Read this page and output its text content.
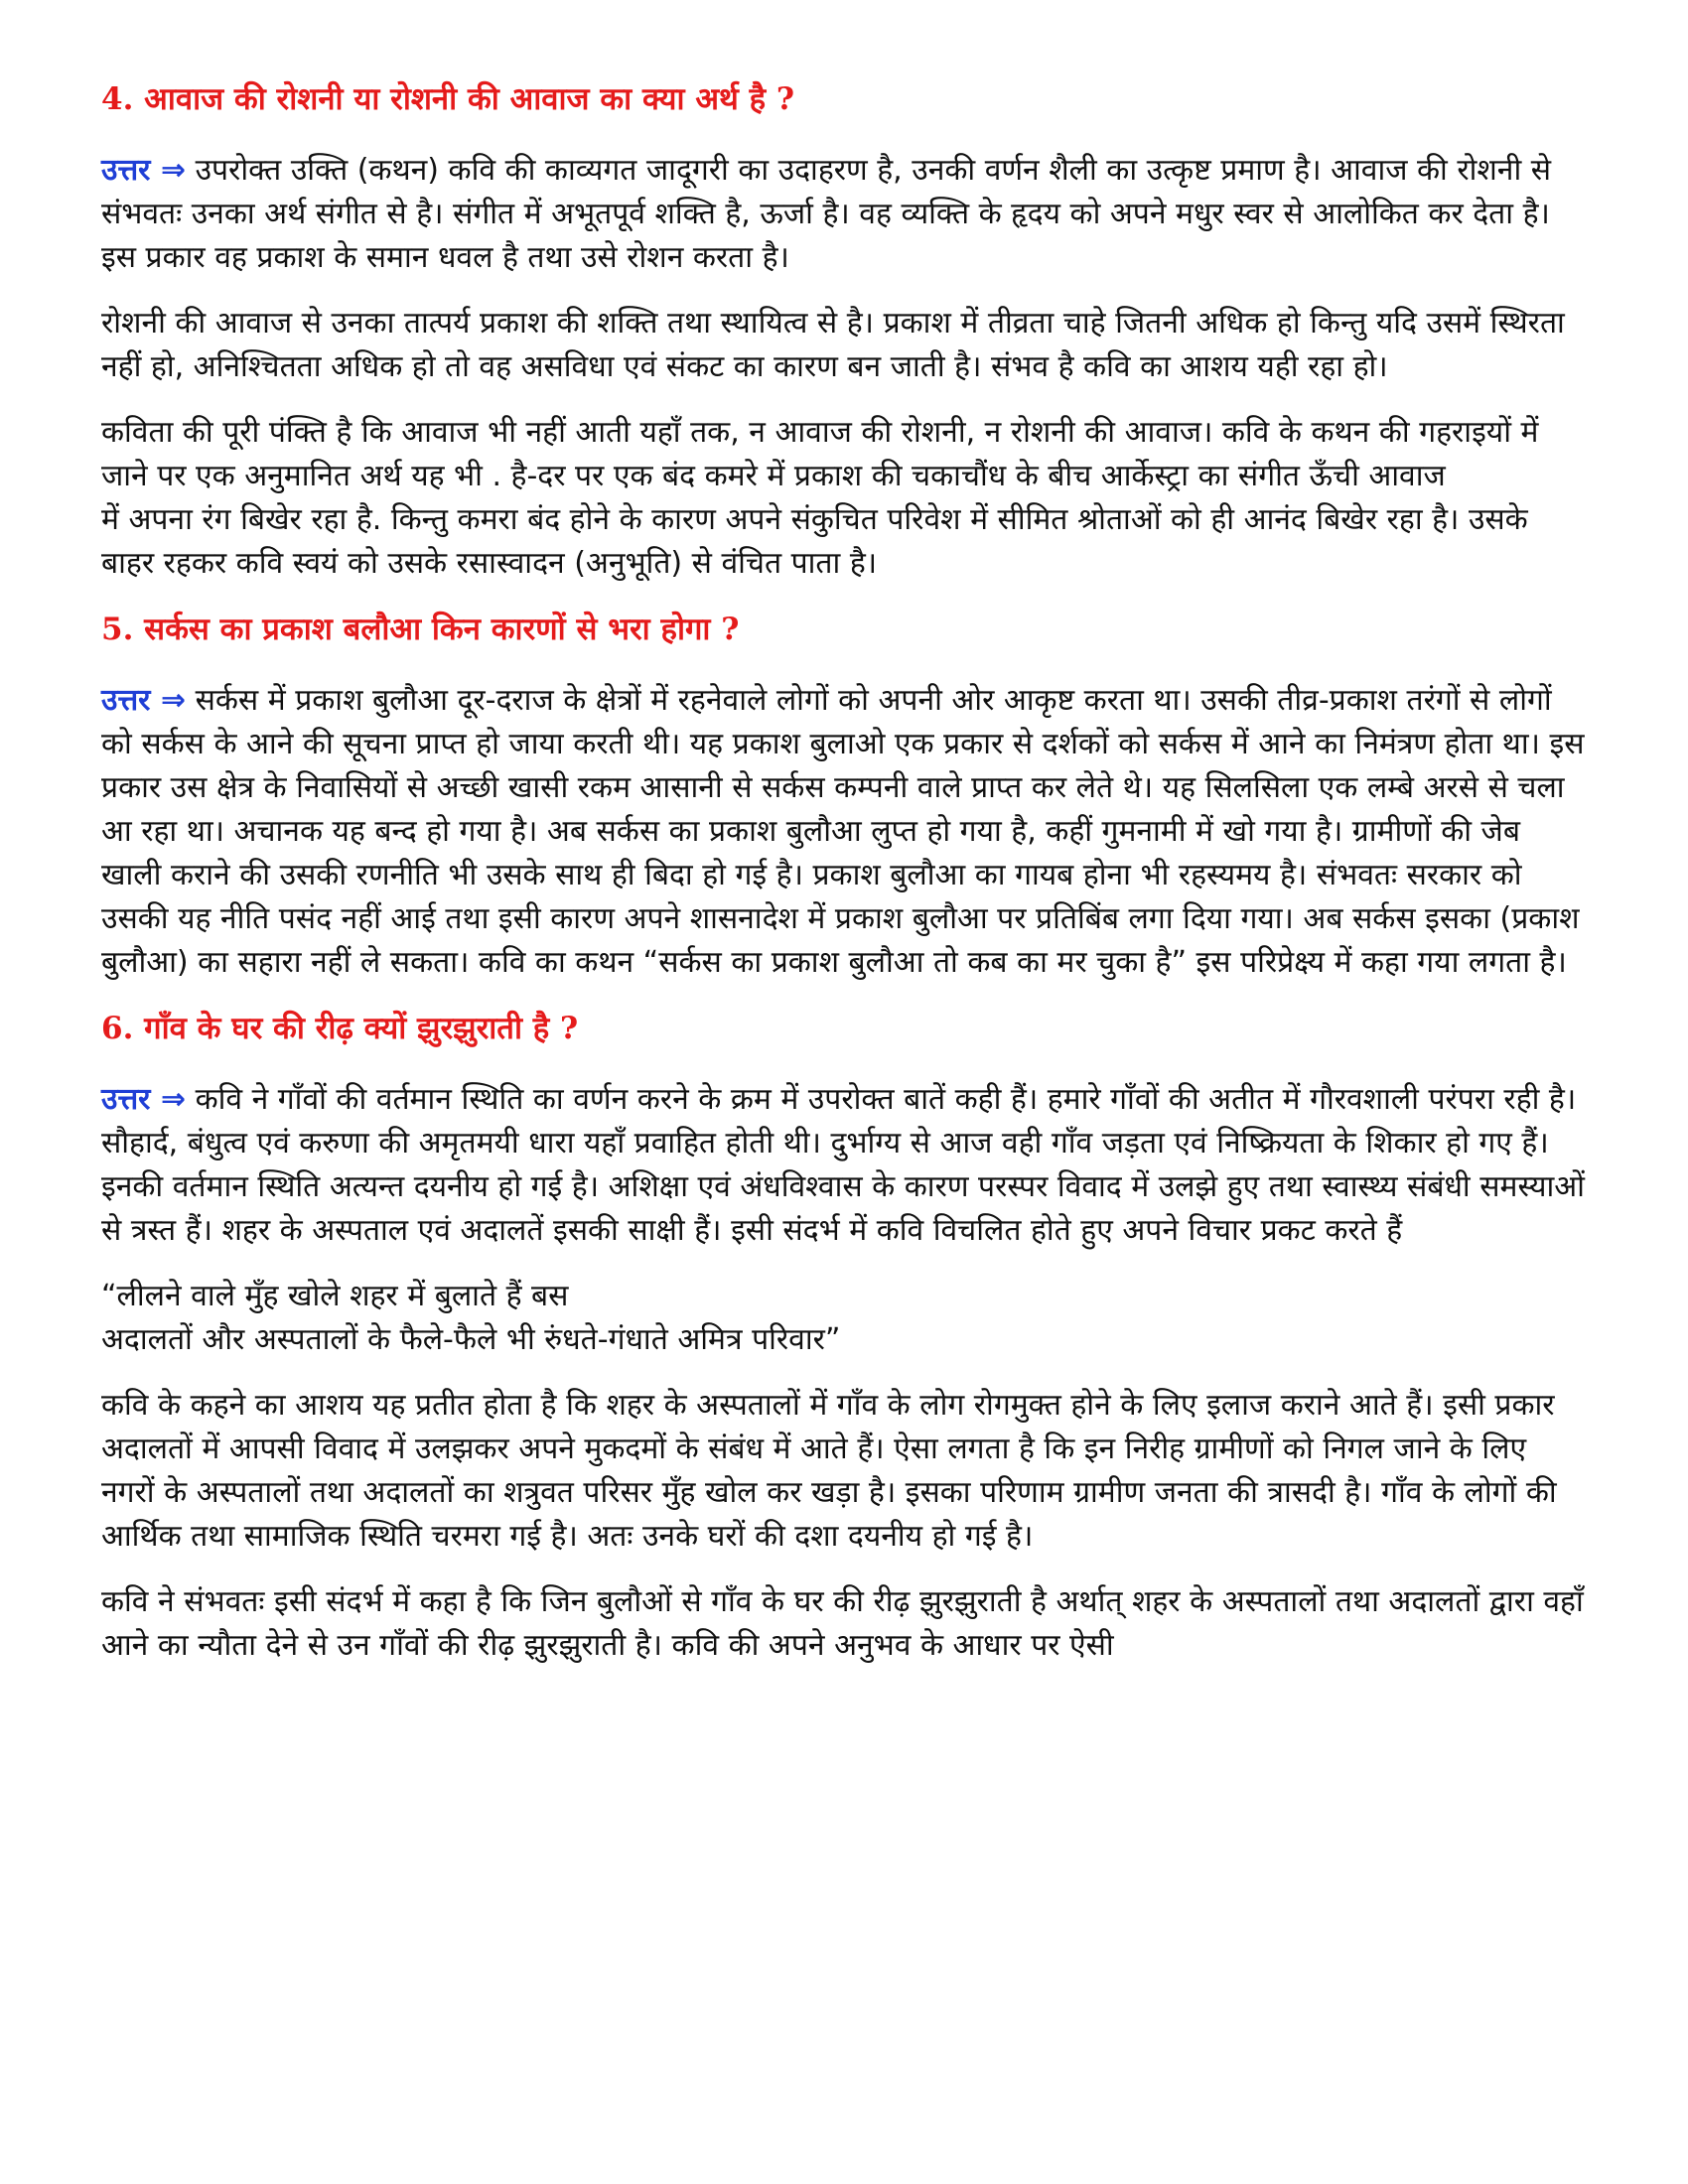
4. आवाज की रोशनी या रोशनी की आवाज का क्या अर्थ है ?

उत्तर ⇒ उपरोक्त उक्ति (कथन) कवि की काव्यगत जादूगरी का उदाहरण है, उनकी वर्णन शैली का उत्कृष्ट प्रमाण है। आवाज की रोशनी से संभवतः उनका अर्थ संगीत से है। संगीत में अभूतपूर्व शक्ति है, ऊर्जा है। वह व्यक्ति के हृदय को अपने मधुर स्वर से आलोकित कर देता है। इस प्रकार वह प्रकाश के समान धवल है तथा उसे रोशन करता है।

रोशनी की आवाज से उनका तात्पर्य प्रकाश की शक्ति तथा स्थायित्व से है। प्रकाश में तीव्रता चाहे जितनी अधिक हो किन्तु यदि उसमें स्थिरता नहीं हो, अनिश्चितता अधिक हो तो वह असविधा एवं संकट का कारण बन जाती है। संभव है कवि का आशय यही रहा हो।

कविता की पूरी पंक्ति है कि आवाज भी नहीं आती यहाँ तक, न आवाज की रोशनी, न रोशनी की आवाज। कवि के कथन की गहराइयों में जाने पर एक अनुमानित अर्थ यह भी . है-दर पर एक बंद कमरे में प्रकाश की चकाचौंध के बीच आर्केस्ट्रा का संगीत ऊँची आवाज
में अपना रंग बिखेर रहा है. किन्तु कमरा बंद होने के कारण अपने संकुचित परिवेश में सीमित श्रोताओं को ही आनंद बिखेर रहा है। उसके बाहर रहकर कवि स्वयं को उसके रसास्वादन (अनुभूति) से वंचित पाता है।
5. सर्कस का प्रकाश बलौआ किन कारणों से भरा होगा ?

उत्तर ⇒ सर्कस में प्रकाश बुलौआ दूर-दराज के क्षेत्रों में रहनेवाले लोगों को अपनी ओर आकृष्ट करता था। उसकी तीव्र-प्रकाश तरंगों से लोगों को सर्कस के आने की सूचना प्राप्त हो जाया करती थी। यह प्रकाश बुलाओ एक प्रकार से दर्शकों को सर्कस में आने का निमंत्रण होता था। इस प्रकार उस क्षेत्र के निवासियों से अच्छी खासी रकम आसानी से सर्कस कम्पनी वाले प्राप्त कर लेते थे। यह सिलसिला एक लम्बे अरसे से चला आ रहा था। अचानक यह बन्द हो गया है। अब सर्कस का प्रकाश बुलौआ लुप्त हो गया है, कहीं गुमनामी में खो गया है। ग्रामीणों की जेब खाली कराने की उसकी रणनीति भी उसके साथ ही बिदा हो गई है। प्रकाश बुलौआ का गायब होना भी रहस्यमय है। संभवतः सरकार को उसकी यह नीति पसंद नहीं आई तथा इसी कारण अपने शासनादेश में प्रकाश बुलौआ पर प्रतिबिंब लगा दिया गया। अब सर्कस इसका (प्रकाश बुलौआ) का सहारा नहीं ले सकता। कवि का कथन “सर्कस का प्रकाश बुलौआ तो कब का मर चुका है” इस परिप्रेक्ष्य में कहा गया लगता है।

6. गाँव के घर की रीढ़ क्यों झुरझुराती है ?
उत्तर ⇒ कवि ने गाँवों की वर्तमान स्थिति का वर्णन करने के क्रम में उपरोक्त बातें कही हैं। हमारे गाँवों की अतीत में गौरवशाली परंपरा रही है।
सौहार्द, बंधुत्व एवं करुणा की अमृतमयी धारा यहाँ प्रवाहित होती थी। दुर्भाग्य से आज वही गाँव जड़ता एवं निष्क्रियता के शिकार हो गए हैं। इनकी वर्तमान स्थिति अत्यन्त दयनीय हो गई है। अशिक्षा एवं अंधविश्वास के कारण परस्पर विवाद में उलझे हुए तथा स्वास्थ्य संबंधी समस्याओं से त्रस्त हैं। शहर के अस्पताल एवं अदालतें इसकी साक्षी हैं। इसी संदर्भ में कवि विचलित होते हुए अपने विचार प्रकट करते हैं
“लीलने वाले मुँह खोले शहर में बुलाते हैं बस
अदालतों और अस्पतालों के फैले-फैले भी रुंधते-गंधाते अमित्र परिवार”

कवि के कहने का आशय यह प्रतीत होता है कि शहर के अस्पतालों में गाँव के लोग रोगमुक्त होने के लिए इलाज कराने आते हैं। इसी प्रकार अदालतों में आपसी विवाद में उलझकर अपने मुकदमों के संबंध में आते हैं। ऐसा लगता है कि इन निरीह ग्रामीणों को निगल जाने के लिए नगरों के अस्पतालों तथा अदालतों का शत्रुवत परिसर मुँह खोल कर खड़ा है। इसका परिणाम ग्रामीण जनता की त्रासदी है। गाँव के लोगों की आर्थिक तथा सामाजिक स्थिति चरमरा गई है। अतः उनके घरों की दशा दयनीय हो गई है।

कवि ने संभवतः इसी संदर्भ में कहा है कि जिन बुलौओं से गाँव के घर की रीढ़ झुरझुराती है अर्थात् शहर के अस्पतालों तथा अदालतों द्वारा वहाँ आने का न्यौता देने से उन गाँवों की रीढ़ झुरझुराती है। कवि की अपने अनुभव के आधार पर ऐसी
